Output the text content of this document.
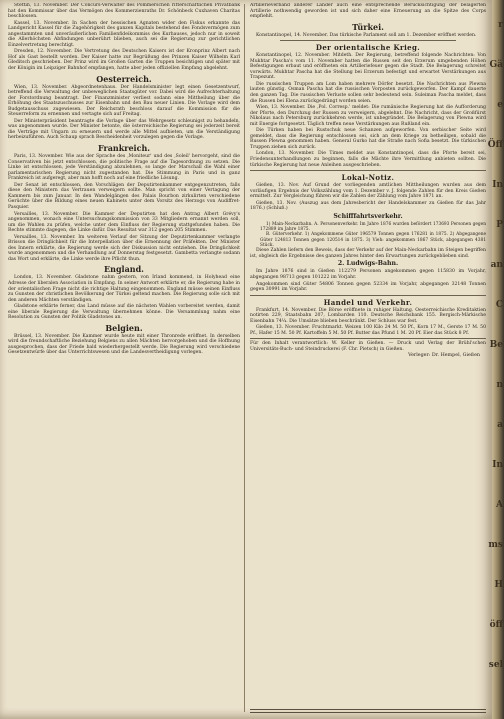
Stettin, 13. November. Der Concurs-Verwalter des Pommerschen ritterschaftlichen Privatbank hat den Kommissar über das Vermögen des Kommerzienraths Dr. Schönbeck Cuxhaven Charitas beschlossen.

Kassel, 13. November. In Sachen der hessischen Agnaten wider den Fiskus erkannte das Landgericht Kassel für die Zugehörigkeit des ganzen Kapitals bestehend des Fondsvermögen zum angestammten und unveräußerlichen Familienfideikommiss des Kurhauses, jedoch nur in soweit die Allerhöchsten Abfindungen unberührt blieben, auch sei die Regierung zur gerichtlichen Einzelvertretung berechtigt.

Dresden, 12. November. Die Vertretung des Deutschen Kaisers ist der Kronprinz Albert nach Hof als Gast bestellt worden. Der Kaiser hatte zur Begrüßung des Prinzen Kaiser Wilhelm Karl Gleditsch geschrieben. Der Prinz wird im Großen Garten die Truppen besichtigen und später mit der Königin im Leipziger Bahnhof empfangen, hatte aber jeden offiziellen Empfang abgelehnt.

Oesterreich.

Wien, 13. November. Abgeordnetenhaus. Der Handelsminister legt einen Gesetzentwurf, betreffend die Verwaltung der unbeweglichen Staatsgüter vor. Dabei wird die Aufrechterhaltung der Forstordnung beantragt. Der Finanzminister verliest sodann eine Mittheilung über die Erhöhung des Staatszuschusses zur Eisenbahn und den Bau neuer Linien. Die Vorlage wird dem Budgetausschuss zugewiesen. Der Reichsrath beschloss darauf die Kommission für die Steuerreform zu ernennen und vertagte sich auf Freitag.

Der Ministerpräsident beantragte die Vorlage über das Wehrgesetz schleunigst zu behandeln, was angenommen wurde. Der Minister betonte, die österreichische Regierung sei jederzeit bereit die Verträge mit Ungarn zu erneuern und werde alle Mittel aufbieten, um die Verständigung herbeizuführen. Auch Schaup sprach Bescheidenheit vorzulegen gegen die Vorlage.

Frankreich.

Paris, 13. November. Wie aus der Sprache des ‚Moniteur' und des ‚Soleil' hervorgeht, sind die Conservativen bis jetzt entschlossen, die politische Frage auf die Tagesordnung zu setzen. Die Linke ist entschlossen, jede Verständigung abzulehnen, so lange der Marschall die Wahl einer parlamentarischen Regierung nicht zugestanden hat. Die Stimmung in Paris und in ganz Frankreich ist aufgeregt, aber man hofft noch auf eine friedliche Lösung.

Der Senat ist entschlossen, den Vorschlägen der Deputirtenkammer entgegenzutreten, falls diese den Ministern das Vertrauen verweigern sollte. Man spricht von einer Vertagung der Kammern bis zum Januar. In den Wandelgängen des Palais Bourbon zirkulirten verschiedene Gerüchte über die Bildung eines neuen Kabinets unter dem Vorsitz des Herzogs von Audiffret-Pasquier.

Versailles, 13. November. Die Kammer der Deputirten hat den Antrag Albert Grévy's angenommen, wonach eine Untersuchungskommission von 33 Mitgliedern ernannt werden soll, um die Wahlen zu prüfen, welche unter dem Einfluss der Regierung stattgefunden haben. Die Rechte stimmte dagegen, die Linke dafür. Das Resultat war 312 gegen 205 Stimmen.

Versailles, 13. November. Im weiteren Verlauf der Sitzung der Deputirtenkammer verlangte Brisson die Dringlichkeit für die Interpellation über die Ernennung der Präfekten. Der Minister des Innern erklärte, die Regierung werde sich der Diskussion nicht entziehen. Die Dringlichkeit wurde angenommen und die Verhandlung auf Donnerstag festgesetzt. Gambetta verlangte sodann das Wort und erklärte, die Linke werde ihre Pflicht thun.

England.

London, 13. November. Gladstone nahm gestern, von Irland kommend, in Holyhead eine Adresse der liberalen Association in Empfang. In seiner Antwort erklärte er, die Regierung habe in der orientalischen Frage nicht die richtige Haltung eingenommen. England müsse seinen Einfluss zu Gunsten der christlichen Bevölkerung der Türkei geltend machen. Die Regierung solle sich mit den anderen Mächten verständigen.

Gladstone erklärte ferner, das Land müsse auf die nächsten Wahlen vorbereitet werden, damit eine liberale Regierung die Verwaltung übernehmen könne. Die Versammlung nahm eine Resolution zu Gunsten der Politik Gladstones an.

Belgien.

Brüssel, 13. November. Die Kammer wurde heute mit einer Thronrede eröffnet. In derselben wird die freundschaftliche Beziehung Belgiens zu allen Mächten hervorgehoben und die Hoffnung ausgesprochen, dass der Friede bald wiederhergestellt werde. Die Regierung wird verschiedene Gesetzentwürfe über das Unterrichtswesen und die Landesvertheidigung vorlegen.

Artillerieverband anderer Länder auch eine entsprechende Berücksichtigung der belagerten Artillerie nothwendig geworden ist und sich daher eine Erneuerung an die Spitze des Corps empfiehlt.

Türkei.

Konstantinopel, 14. November. Das türkische Parlament soll am 1. Dezember eröffnet werden.

Der orientalische Krieg.

Konstantinopel, 12. November. Mitdeth. Der Regierung, betreffend folgende Nachrichten: Von Mukhtar Pascha's vom 11. November hatten die Russen seit den Erzerum umgebenden Höhen Befestigungen erbaut und eröffneten ein Artilleriefeuer gegen die Stadt. Die Belagerung schreitet vorwärts. Mukhtar Pascha hat die Stellung bei Erzerum befestigt und erwartet Verstärkungen aus Trapezunt.

Die russischen Truppen am Lom haben mehrere Dörfer besetzt. Die Nachrichten aus Plewna lauten günstig. Osman Pascha hat die russischen Vorposten zurückgeworfen. Der Kampf dauerte den ganzen Tag. Die russischen Verluste sollen sehr bedeutend sein. Suleiman Pascha meldet, dass die Russen bei Elena zurückgedrängt worden seien.

Wien, 13. November. Die ‚Pol. Corresp.' meldet: Die rumänische Regierung hat die Aufforderung der Pforte, den Durchzug der Russen zu verweigern, abgelehnt. Die Nachricht, dass der Großfürst Nikolaus nach Petersburg zurückkehren werde, ist unbegründet. Die Belagerung von Plewna wird mit Energie fortgesetzt. Täglich treffen neue Verstärkungen aus Rußland ein.

Die Türken haben bei Rustschuk neue Schanzen aufgeworfen. Von serbischer Seite wird gemeldet, dass die Regierung entschlossen sei, sich an dem Kriege zu betheiligen, sobald die Russen Plewna genommen haben. General Gurko hat die Straße nach Sofia besetzt. Die türkischen Truppen ziehen sich zurück.

London, 13. November. Die Times meldet aus Konstantinopel, dass die Pforte bereit sei, Friedensunterhandlungen zu beginnen, falls die Mächte ihre Vermittlung anbieten sollten. Die türkische Regierung hat neue Anleihen ausgeschrieben.

Lokal-Notiz.

Gießen, 13. Nov. Auf Grund der vorliegenden amtlichen Mittheilungen wurden aus dem vorläufigen Ergebnis der Volkszählung vom 1. Dezember v. J. folgende Zahlen für den Kreis Gießen ermittelt. Zur Vergleichung führen wir die Zahlen der Zählung vom Jahre 1871 an.

Gießen, 13. Nov. (Auszug aus dem Jahresbericht der Handelskammer zu Gießen für das Jahr 1876.) (Schluß.)

Schifffahrtsverkehr.

1) Main-Neckarbahn. A. Personenverkehr. Im Jahre 1876 wurden befördert 173693 Personen gegen 172889 im Jahre 1875.

B. Güterverkehr. 1) Angekommene Güter 196579 Tonnen gegen 176281 in 1875. 2) Abgegangene Güter 124813 Tonnen gegen 120514 in 1875. 3) Vieh: angekommen 1867 Stück, abgegangen 4381 Stück.

Diese Zahlen liefern den Beweis, dass der Verkehr auf der Main-Neckarbahn im Steigen begriffen ist, obgleich die Ergebnisse des ganzen Jahres hinter den Erwartungen zurückgeblieben sind.

2. Ludwigs-Bahn.

Im Jahre 1876 sind in Gießen 112279 Personen angekommen gegen 115830 im Vorjahr, abgegangen 98713 gegen 101222 im Vorjahr.

Angekommen sind Güter 54806 Tonnen gegen 52334 im Vorjahr, abgegangen 32148 Tonnen gegen 30991 im Vorjahr.

Handel und Verkehr.

Frankfurt, 14. November. Die Börse eröffnete in ruhiger Haltung. Oesterreichische Kreditaktien notirten 229, Staatsbahn 207, Lombarden 110. Deutsche Reichsbank 155. Bergisch-Märkische Eisenbahn 74¼. Die Umsätze blieben beschränkt. Der Schluss war fest.

Gießen, 13. November. Fruchtmarkt. Weizen 100 Kilo 24 M. 50 Pf., Korn 17 M., Gerste 17 M. 50 Pf., Hafer 15 M. 50 Pf. Kartoffeln 5 M. 50 Pf. Butter das Pfund 1 M. 20 Pf. Eier das Stück 8 Pf.

Für den Inhalt verantwortlich: W. Keller in Gießen. — Druck und Verlag der Brühl'schen Universitäts-Buch- und Steindruckerei (F. Chr. Pietsch) in Gießen.

Verleger: Dr. Hempel, Gießen
r
Gä
e
Öff
In
P
an
C
Be
n
a
In
A
ms
H
öff
sel
